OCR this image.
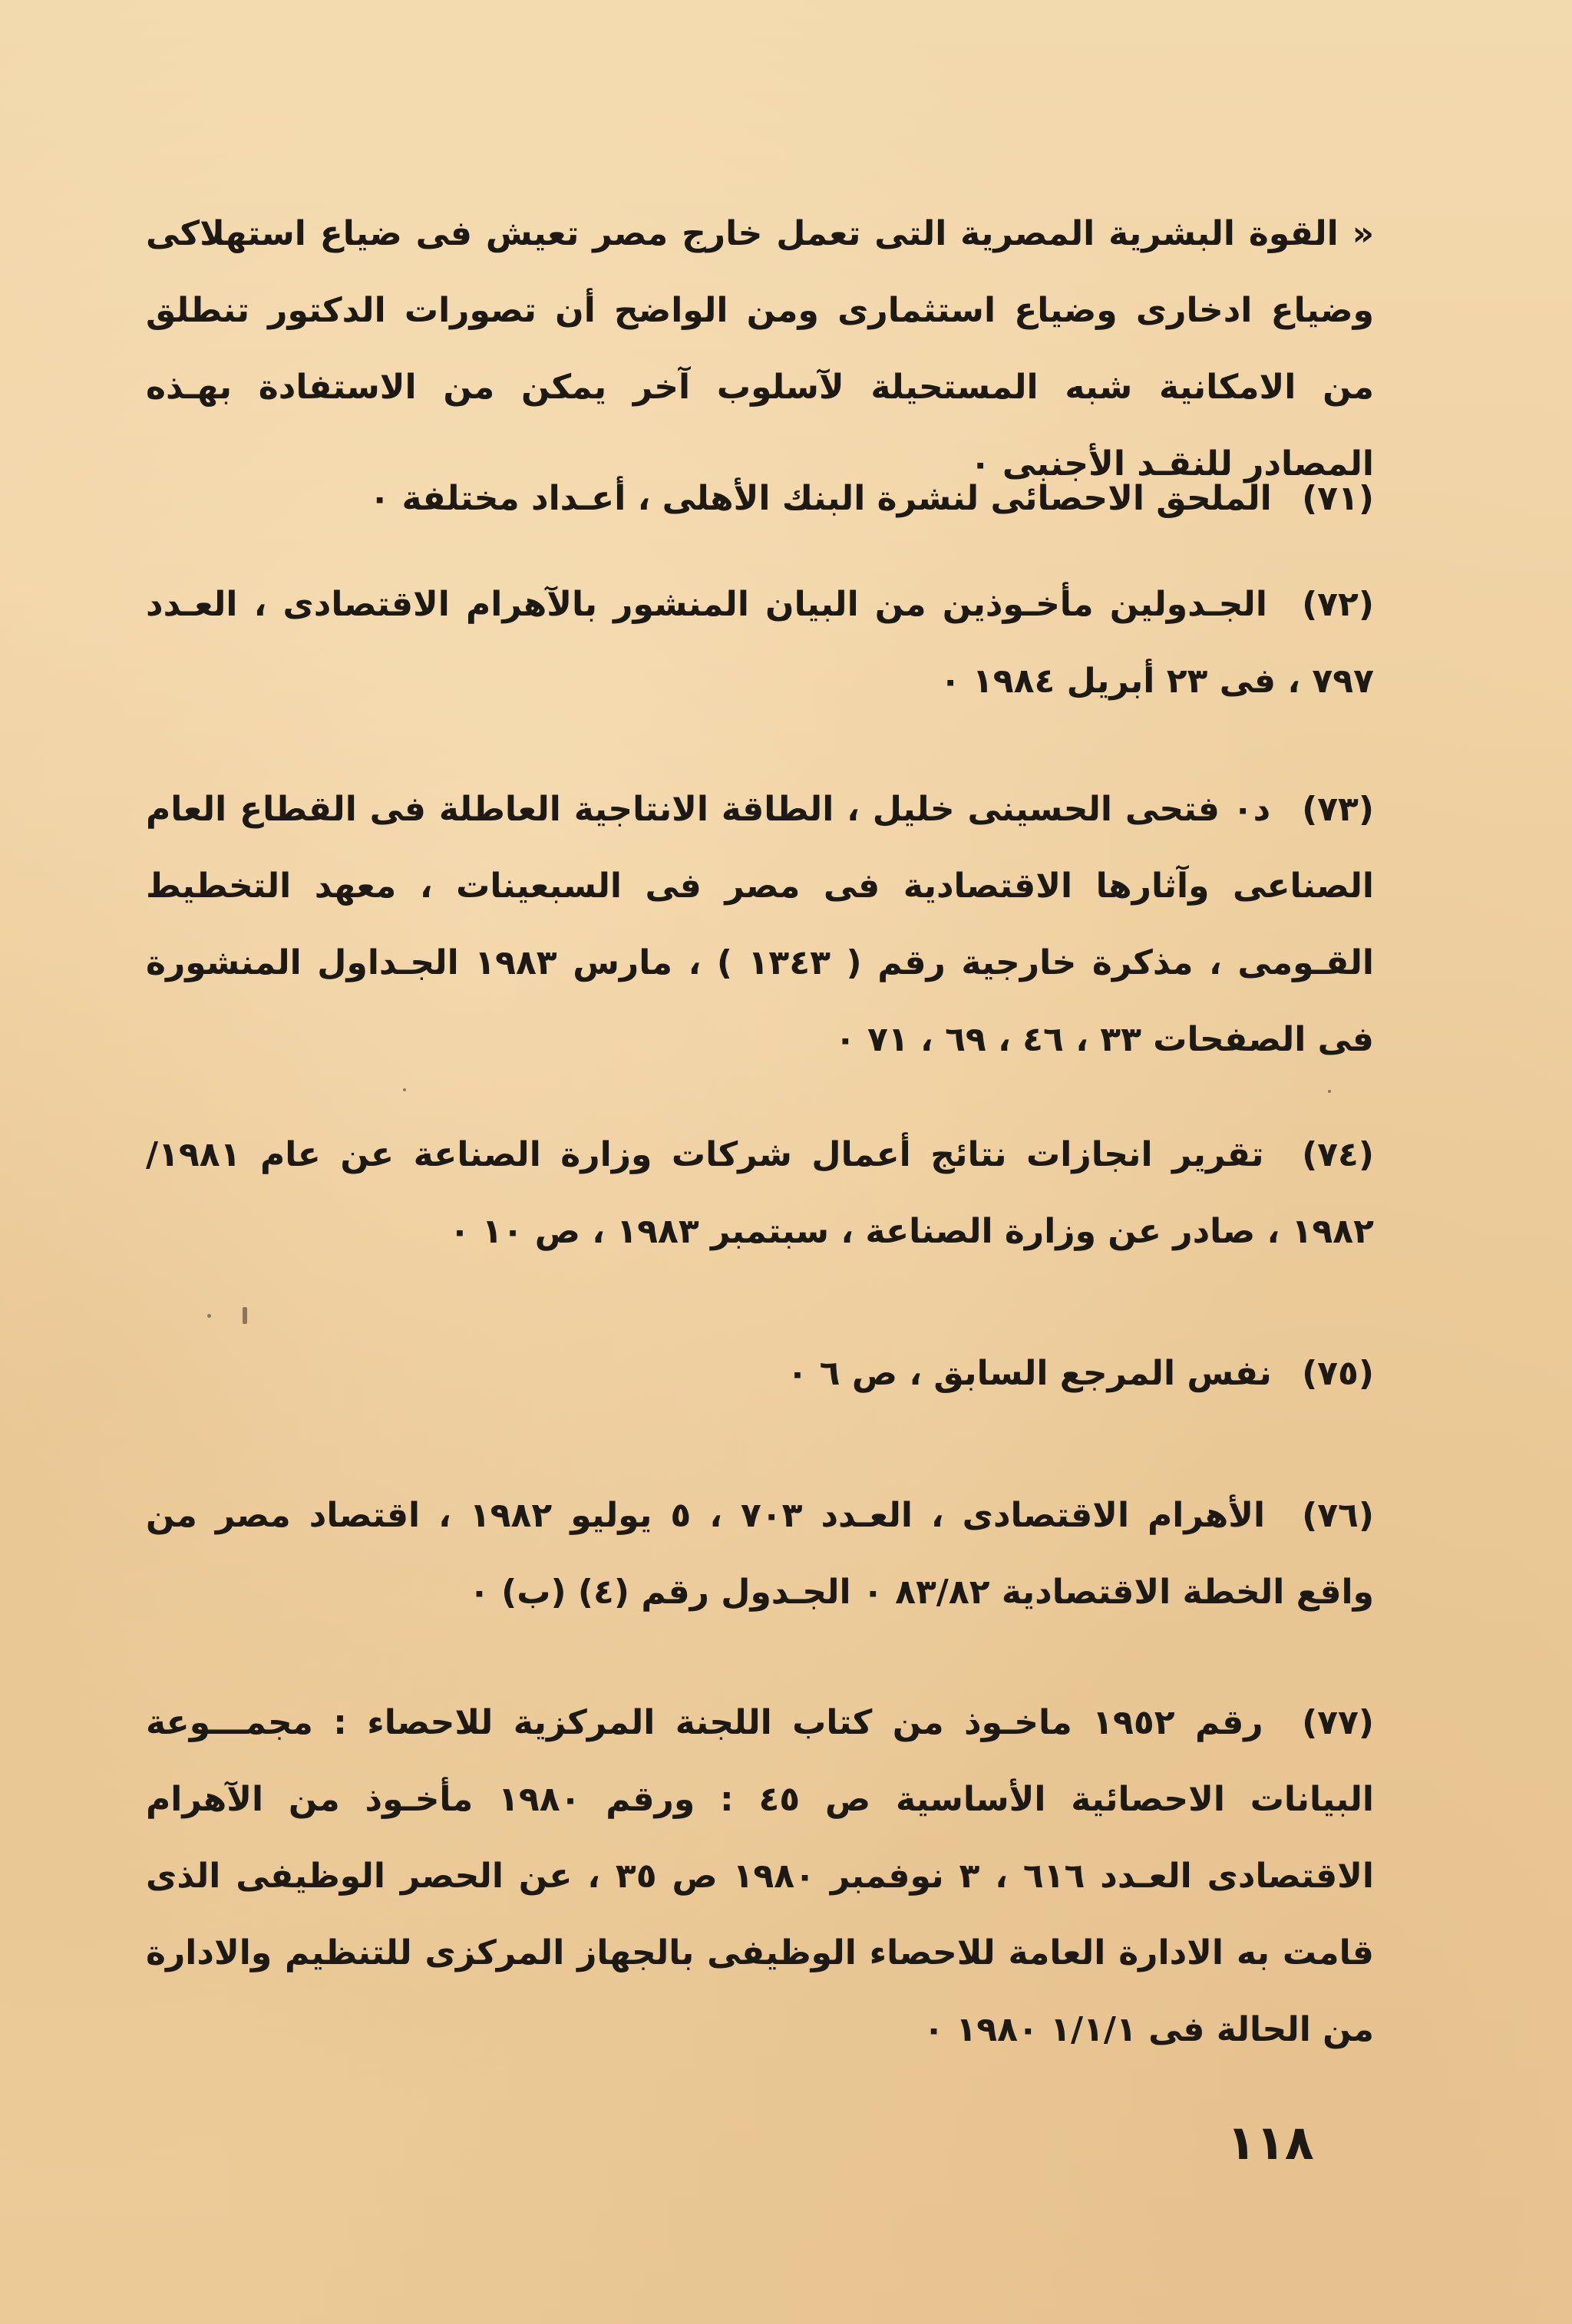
« القوة البشرية المصرية التى تعمل خارج مصر تعيش فى ضياع استهلاكى وضياع ادخارى وضياع استثمارى ومن الواضح أن تصورات الدكتور تنطلق من الامكانية شبه المستحيلة لآسلوب آخر يمكن من الاستفادة بهـذه المصادر للنقـد الأجنبى ٠

(٧١) الملحق الاحصائى لنشرة البنك الأهلى ، أعـداد مختلفة ٠

(٧٢) الجـدولين مأخـوذين من البيان المنشور بالآهرام الاقتصادى ، العـدد ٧٩٧ ، فى ٢٣ أبريل ١٩٨٤ ٠

(٧٣) د٠ فتحى الحسينى خليل ، الطاقة الانتاجية العاطلة فى القطاع العام الصناعى وآثارها الاقتصادية فى مصر فى السبعينات ، معهد التخطيط القـومى ، مذكرة خارجية رقم ( ١٣٤٣ ) ، مارس ١٩٨٣ الجـداول المنشورة فى الصفحات ٣٣ ، ٤٦ ، ٦٩ ، ٧١ ٠

(٧٤) تقرير انجازات نتائج أعمال شركات وزارة الصناعة عن عام ١٩٨١/ ١٩٨٢ ، صادر عن وزارة الصناعة ، سبتمبر ١٩٨٣ ، ص ١٠ ٠

(٧٥) نفس المرجع السابق ، ص ٦ ٠

(٧٦) الأهرام الاقتصادى ، العـدد ٧٠٣ ، ٥ يوليو ١٩٨٢ ، اقتصاد مصر من واقع الخطة الاقتصادية ٨٣/٨٢ ٠ الجـدول رقم (٤) (ب) ٠

(٧٧) رقم ١٩٥٢ ماخـوذ من كتاب اللجنة المركزية للاحصاء : مجمـــوعة البيانات الاحصائية الأساسية ص ٤٥ : ورقم ١٩٨٠ مأخـوذ من الآهرام الاقتصادى العـدد ٦١٦ ، ٣ نوفمبر ١٩٨٠ ص ٣٥ ، عن الحصر الوظيفى الذى قامت به الادارة العامة للاحصاء الوظيفى بالجهاز المركزى للتنظيم والادارة من الحالة فى ١/١/١ ١٩٨٠ ٠

١١٨
